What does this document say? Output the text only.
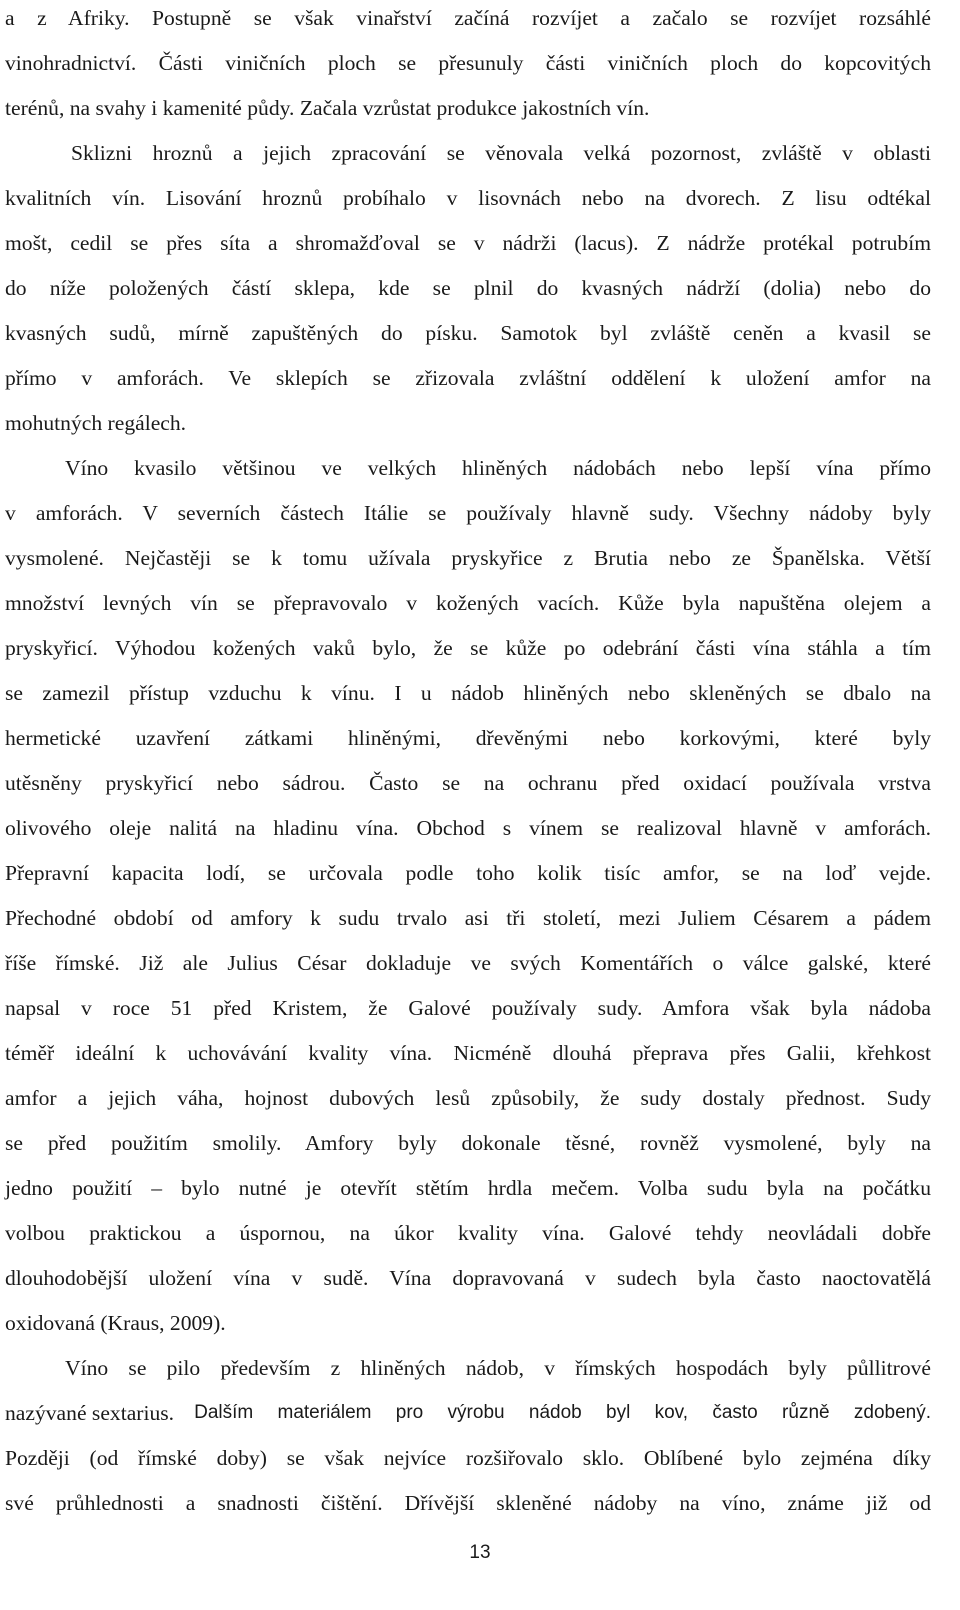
a z Afriky. Postupně se však vinařství začíná rozvíjet a začalo se rozvíjet rozsáhlé
vinohradnictví. Části viničních ploch se přesunuly části viničních ploch do kopcovitých
terénů, na svahy i kamenité půdy. Začala vzrůstat produkce jakostních vín.
Sklizni hroznů a jejich zpracování se věnovala velká pozornost, zvláště v oblasti
kvalitních vín. Lisování hroznů probíhalo v lisovnách nebo na dvorech. Z lisu odtékal
mošt, cedil se přes síta a shromažďoval se v nádrži (lacus). Z nádrže protékal potrubím
do níže položených částí sklepa, kde se plnil do kvasných nádrží (dolia) nebo do
kvasných sudů, mírně zapuštěných do písku. Samotok byl zvláště ceněn a kvasil se
přímo v amforách. Ve sklepích se zřizovala zvláštní oddělení k uložení amfor na
mohutných regálech.
Víno kvasilo většinou ve velkých hliněných nádobách nebo lepší vína přímo
v amforách. V severních částech Itálie se používaly hlavně sudy. Všechny nádoby byly
vysmolené. Nejčastěji se k tomu užívala pryskyřice z Brutia nebo ze Španělska. Větší
množství levných vín se přepravovalo v kožených vacích. Kůže byla napuštěna olejem a
pryskyřicí. Výhodou kožených vaků bylo, že se kůže po odebrání části vína stáhla a tím
se zamezil přístup vzduchu k vínu. I u nádob hliněných nebo skleněných se dbalo na
hermetické uzavření zátkami hliněnými, dřevěnými nebo korkovými, které byly
utěsněny pryskyřicí nebo sádrou. Často se na ochranu před oxidací používala vrstva
olivového oleje nalitá na hladinu vína. Obchod s vínem se realizoval hlavně v amforách.
Přepravní kapacita lodí, se určovala podle toho kolik tisíc amfor, se na loď vejde.
Přechodné období od amfory k sudu trvalo asi tři století, mezi Juliem Césarem a pádem
říše římské. Již ale Julius César dokladuje ve svých Komentářích o válce galské, které
napsal v roce 51 před Kristem, že Galové používaly sudy. Amfora však byla nádoba
téměř ideální k uchovávání kvality vína. Nicméně dlouhá přeprava přes Galii, křehkost
amfor a jejich váha, hojnost dubových lesů způsobily, že sudy dostaly přednost. Sudy
se před použitím smolily. Amfory byly dokonale těsné, rovněž vysmolené, byly na
jedno použití – bylo nutné je otevřít stětím hrdla mečem. Volba sudu byla na počátku
volbou praktickou a úspornou, na úkor kvality vína. Galové tehdy neovládali dobře
dlouhodobější uložení vína v sudě. Vína dopravovaná v sudech byla často naoctovatělá
oxidovaná (Kraus, 2009).
Víno se pilo především z hliněných nádob, v římských hospodách byly půllitrové
nazývané sextarius. Dalším materiálem pro výrobu nádob byl kov, často různě zdobený.
Později (od římské doby) se však nejvíce rozšiřovalo sklo. Oblíbené bylo zejména díky
své průhlednosti a snadnosti čištění. Dřívější skleněné nádoby na víno, známe již od
13
